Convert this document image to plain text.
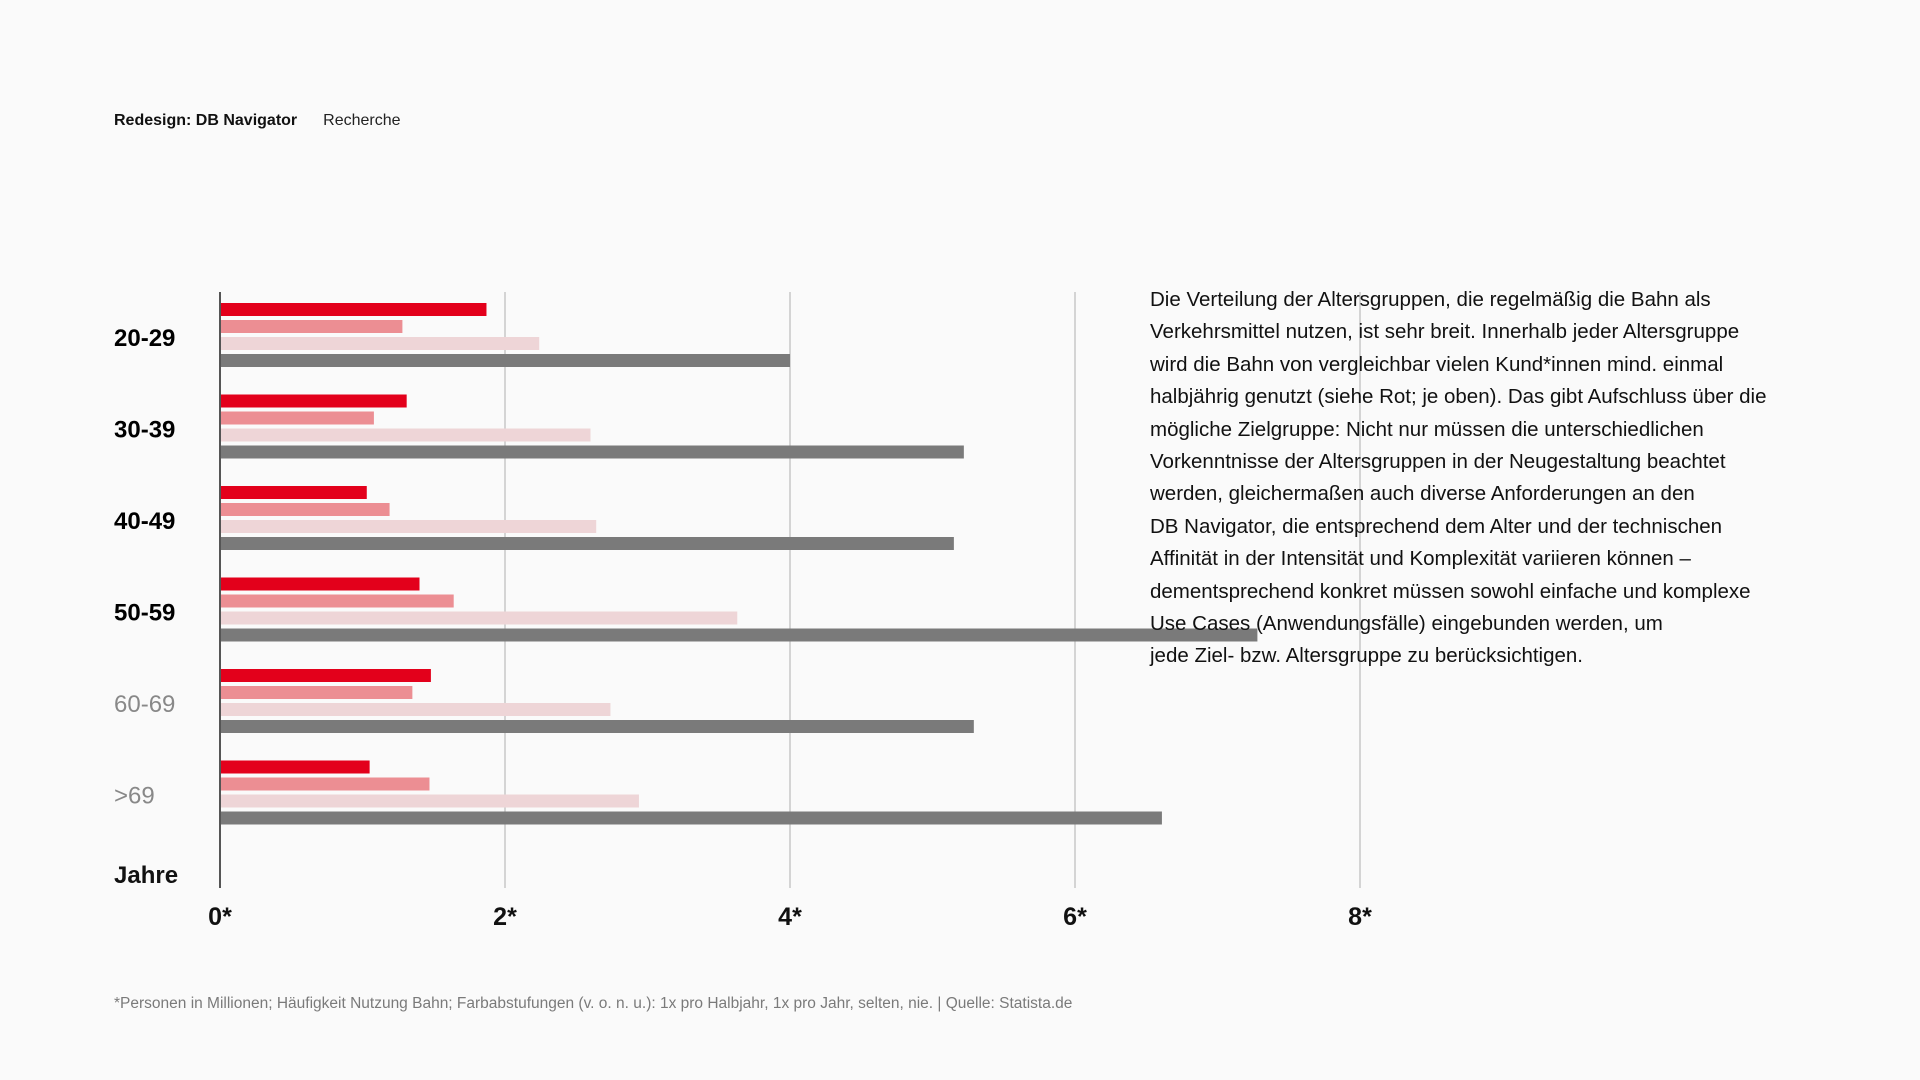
Redesign: DB Navigator Recherche
20-29
30-39
40-49
50-59
60-69
>69
0*	2*	4*	6*	8*
Jahre

Die Verteilung der Altersgruppen, die regelmäßig die Bahn als
Verkehrsmittel nutzen, ist sehr breit. Innerhalb jeder Altersgruppe
wird die Bahn von vergleichbar vielen Kund*innen mind. einmal
halbjährig genutzt (siehe Rot; je oben). Das gibt Aufschluss über die
mögliche Zielgruppe: Nicht nur müssen die unterschiedlichen
Vorkenntnisse der Altersgruppen in der Neugestaltung beachtet
werden, gleichermaßen auch diverse Anforderungen an den
DB Navigator, die entsprechend dem Alter und der technischen
Affinität in der Intensität und Komplexität variieren können –
dementsprechend konkret müssen sowohl einfache und komplexe
Use Cases (Anwendungsfälle) eingebunden werden, um
jede Ziel- bzw. Altersgruppe zu berücksichtigen.

*Personen in Millionen; Häufigkeit Nutzung Bahn; Farbabstufungen (v. o. n. u.): 1x pro Halbjahr, 1x pro Jahr, selten, nie. | Quelle: Statista.de
